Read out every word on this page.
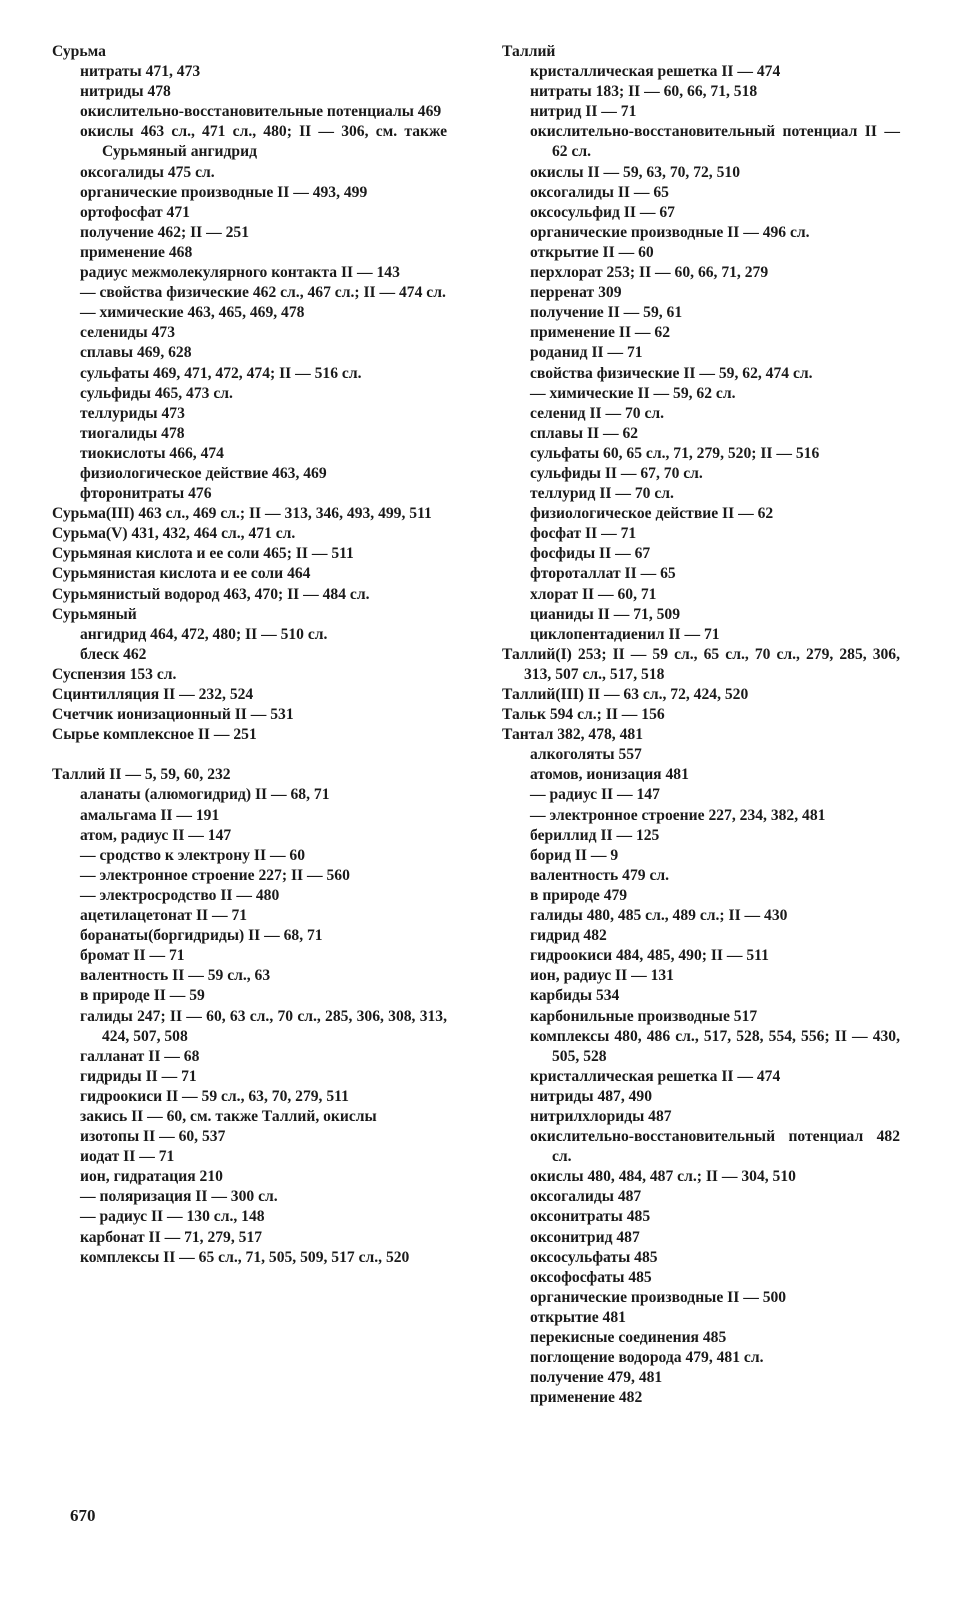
Сурьма
нитраты 471, 473
нитриды 478
окислительно-восстановительные потенциалы 469
окислы 463 сл., 471 сл., 480; II — 306, см. также Сурьмяный ангидрид
оксогалиды 475 сл.
органические производные II — 493, 499
ортофосфат 471
получение 462; II — 251
применение 468
радиус межмолекулярного контакта II — 143
— свойства физические 462 сл., 467 сл.; II — 474 сл.
— химические 463, 465, 469, 478
селениды 473
сплавы 469, 628
сульфаты 469, 471, 472, 474; II — 516 сл.
сульфиды 465, 473 сл.
теллуриды 473
тиогалиды 478
тиокислоты 466, 474
физиологическое действие 463, 469
фторонитраты 476
Сурьма(III) 463 сл., 469 сл.; II — 313, 346, 493, 499, 511
Сурьма(V) 431, 432, 464 сл., 471 сл.
Сурьмяная кислота и ее соли 465; II — 511
Сурьмянистая кислота и ее соли 464
Сурьмянистый водород 463, 470; II — 484 сл.
Сурьмяный
ангидрид 464, 472, 480; II — 510 сл.
блеск 462
Суспензия 153 сл.
Сцинтилляция II — 232, 524
Счетчик ионизационный II — 531
Сырье комплексное II — 251
Таллий II — 5, 59, 60, 232
аланаты (алюмогидрид) II — 68, 71
амальгама II — 191
атом, радиус II — 147
— сродство к электрону II — 60
— электронное строение 227; II — 560
— электросродство II — 480
ацетилацетонат II — 71
боранаты(боргидриды) II — 68, 71
бромат II — 71
валентность II — 59 сл., 63
в природе II — 59
галиды 247; II — 60, 63 сл., 70 сл., 285, 306, 308, 313, 424, 507, 508
галланат II — 68
гидриды II — 71
гидроокиси II — 59 сл., 63, 70, 279, 511
закись II — 60, см. также Таллий, окислы
изотопы II — 60, 537
иодат II — 71
ион, гидратация 210
— поляризация II — 300 сл.
— радиус II — 130 сл., 148
карбонат II — 71, 279, 517
комплексы II — 65 сл., 71, 505, 509, 517 сл., 520
Таллий
кристаллическая решетка II — 474
нитраты 183; II — 60, 66, 71, 518
нитрид II — 71
окислительно-восстановительный потенциал II — 62 сл.
окислы II — 59, 63, 70, 72, 510
оксогалиды II — 65
оксосульфид II — 67
органические производные II — 496 сл.
открытие II — 60
перхлорат 253; II — 60, 66, 71, 279
перренат 309
получение II — 59, 61
применение II — 62
роданид II — 71
свойства физические II — 59, 62, 474 сл.
— химические II — 59, 62 сл.
селенид II — 70 сл.
сплавы II — 62
сульфаты 60, 65 сл., 71, 279, 520; II — 516
сульфиды II — 67, 70 сл.
теллурид II — 70 сл.
физиологическое действие II — 62
фосфат II — 71
фосфиды II — 67
фтороталлат II — 65
хлорат II — 60, 71
цианиды II — 71, 509
циклопентадиенил II — 71
Таллий(I) 253; II — 59 сл., 65 сл., 70 сл., 279, 285, 306, 313, 507 сл., 517, 518
Таллий(III) II — 63 сл., 72, 424, 520
Тальк 594 сл.; II — 156
Тантал 382, 478, 481
алкоголяты 557
атомов, ионизация 481
— радиус II — 147
— электронное строение 227, 234, 382, 481
бериллид II — 125
борид II — 9
валентность 479 сл.
в природе 479
галиды 480, 485 сл., 489 сл.; II — 430
гидрид 482
гидроокиси 484, 485, 490; II — 511
ион, радиус II — 131
карбиды 534
карбонильные производные 517
комплексы 480, 486 сл., 517, 528, 554, 556; II — 430, 505, 528
кристаллическая решетка II — 474
нитриды 487, 490
нитрилхлориды 487
окислительно-восстановительный потенциал 482 сл.
окислы 480, 484, 487 сл.; II — 304, 510
оксогалиды 487
оксонитраты 485
оксонитрид 487
оксосульфаты 485
оксофосфаты 485
органические производные II — 500
открытие 481
перекисные соединения 485
поглощение водорода 479, 481 сл.
получение 479, 481
применение 482
670
